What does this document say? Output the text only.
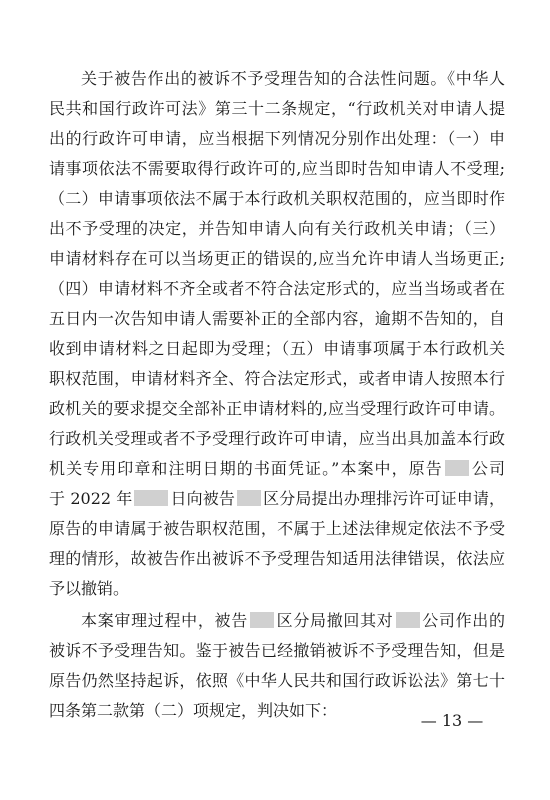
关于被告作出的被诉不予受理告知的合法性问题。《中华人
民共和国行政许可法》第三十二条规定，“行政机关对申请人提
出的行政许可申请，应当根据下列情况分别作出处理：（一）申
请事项依法不需要取得行政许可的,应当即时告知申请人不受理;
（二）申请事项依法不属于本行政机关职权范围的，应当即时作
出不予受理的决定，并告知申请人向有关行政机关申请；（三）
申请材料存在可以当场更正的错误的,应当允许申请人当场更正;
（四）申请材料不齐全或者不符合法定形式的，应当当场或者在
五日内一次告知申请人需要补正的全部内容，逾期不告知的，自
收到申请材料之日起即为受理；（五）申请事项属于本行政机关
职权范围，申请材料齐全、符合法定形式，或者申请人按照本行
政机关的要求提交全部补正申请材料的,应当受理行政许可申请。
行政机关受理或者不予受理行政许可申请，应当出具加盖本行政
机关专用印章和注明日期的书面凭证。”本案中，原告 公司
于 2022 年 日向被告 区分局提出办理排污许可证申请，
原告的申请属于被告职权范围，不属于上述法律规定依法不予受
理的情形，故被告作出被诉不予受理告知适用法律错误，依法应
予以撤销。
本案审理过程中，被告 区分局撤回其对 公司作出的
被诉不予受理告知。鉴于被告已经撤销被诉不予受理告知，但是
原告仍然坚持起诉，依照《中华人民共和国行政诉讼法》第七十
四条第二款第（二）项规定，判决如下：
— 13 —
